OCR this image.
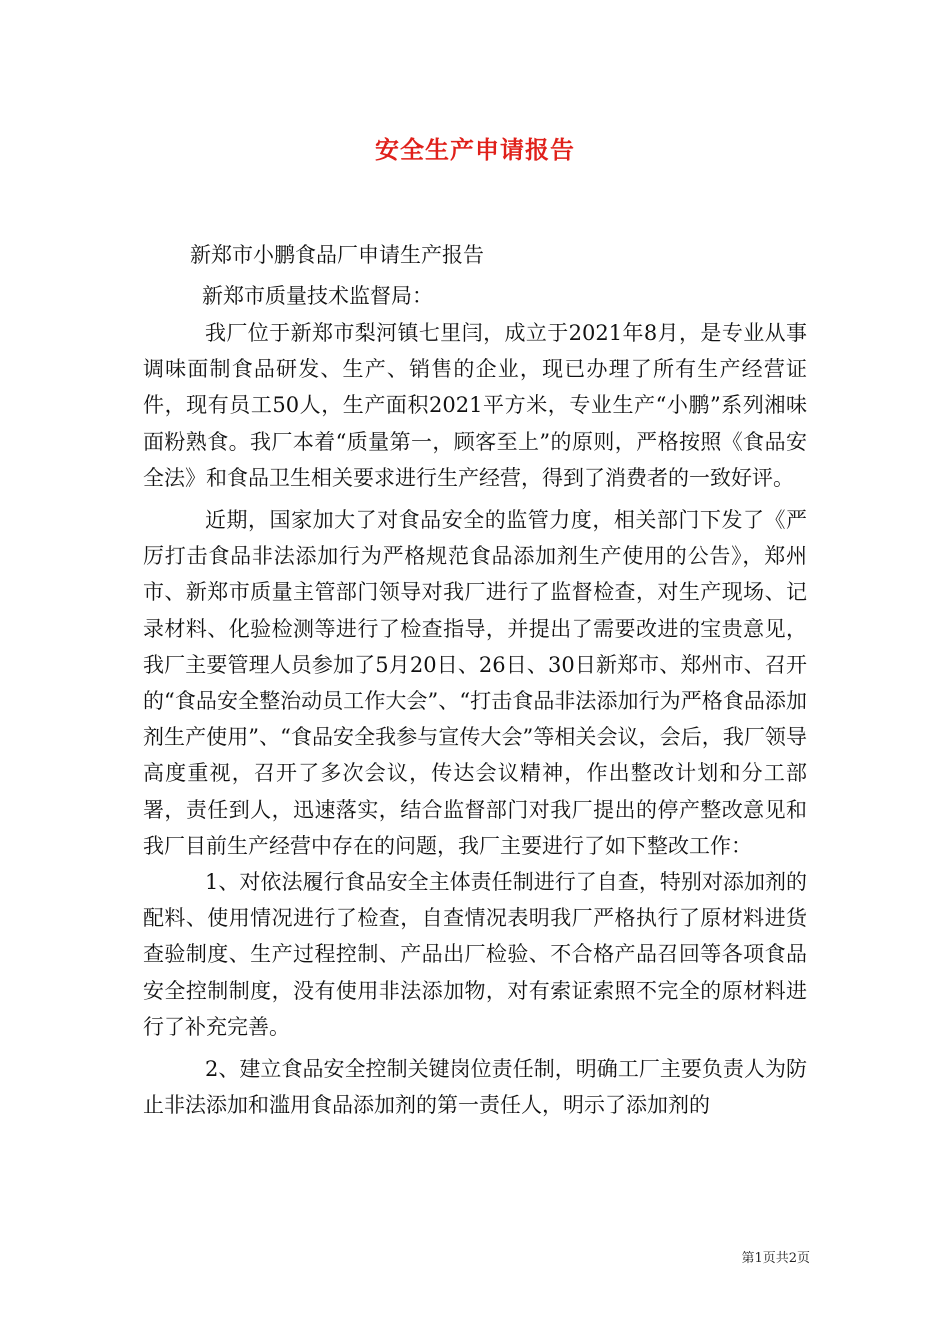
安全生产申请报告

新郑市小鹏食品厂申请生产报告

新郑市质量技术监督局：

我厂位于新郑市梨河镇七里闫，成立于2021年8月，是专业从事调味面制食品研发、生产、销售的企业，现已办理了所有生产经营证件，现有员工50人，生产面积2021平方米，专业生产“小鹏”系列湘味面粉熟食。我厂本着“质量第一，顾客至上”的原则，严格按照《食品安全法》和食品卫生相关要求进行生产经营，得到了消费者的一致好评。

近期，国家加大了对食品安全的监管力度，相关部门下发了《严厉打击食品非法添加行为严格规范食品添加剂生产使用的公告》，郑州市、新郑市质量主管部门领导对我厂进行了监督检查，对生产现场、记录材料、化验检测等进行了检查指导，并提出了需要改进的宝贵意见，我厂主要管理人员参加了5月20日、26日、30日新郑市、郑州市、召开的“食品安全整治动员工作大会”、“打击食品非法添加行为严格食品添加剂生产使用”、“食品安全我参与宣传大会”等相关会议，会后，我厂领导高度重视，召开了多次会议，传达会议精神，作出整改计划和分工部署，责任到人，迅速落实，结合监督部门对我厂提出的停产整改意见和我厂目前生产经营中存在的问题，我厂主要进行了如下整改工作：

1、对依法履行食品安全主体责任制进行了自查，特别对添加剂的配料、使用情况进行了检查，自查情况表明我厂严格执行了原材料进货查验制度、生产过程控制、产品出厂检验、不合格产品召回等各项食品安全控制制度，没有使用非法添加物，对有索证索照不完全的原材料进行了补充完善。

2、建立食品安全控制关键岗位责任制，明确工厂主要负责人为防止非法添加和滥用食品添加剂的第一责任人，明示了添加剂的

第1页共2页
